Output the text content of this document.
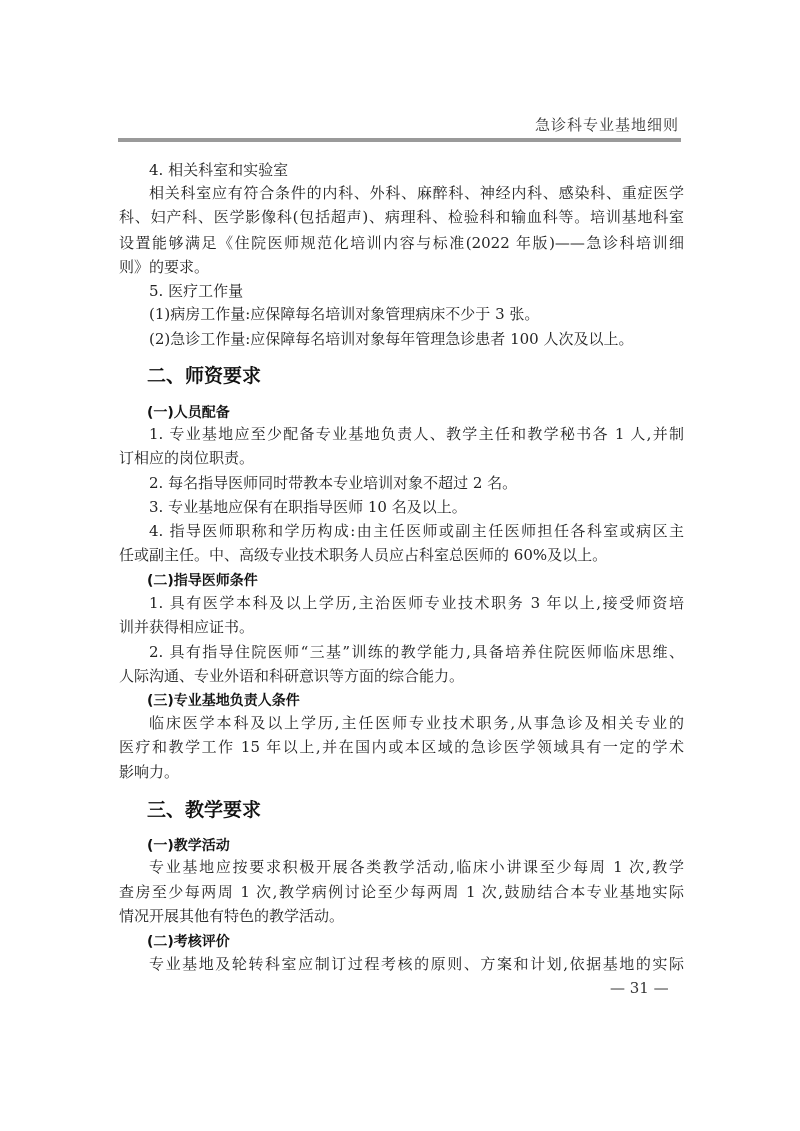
急诊科专业基地细则
4. 相关科室和实验室
相关科室应有符合条件的内科、外科、麻醉科、神经内科、感染科、重症医学
科、妇产科、医学影像科(包括超声)、病理科、检验科和输血科等。培训基地科室
设置能够满足《住院医师规范化培训内容与标准(2022 年版)——急诊科培训细
则》的要求。
5. 医疗工作量
(1)病房工作量:应保障每名培训对象管理病床不少于 3 张。
(2)急诊工作量:应保障每名培训对象每年管理急诊患者 100 人次及以上。
二、师资要求
(一)人员配备
1. 专业基地应至少配备专业基地负责人、教学主任和教学秘书各 1 人,并制
订相应的岗位职责。
2. 每名指导医师同时带教本专业培训对象不超过 2 名。
3. 专业基地应保有在职指导医师 10 名及以上。
4. 指导医师职称和学历构成:由主任医师或副主任医师担任各科室或病区主
任或副主任。中、高级专业技术职务人员应占科室总医师的 60%及以上。
(二)指导医师条件
1. 具有医学本科及以上学历,主治医师专业技术职务 3 年以上,接受师资培
训并获得相应证书。
2. 具有指导住院医师“三基”训练的教学能力,具备培养住院医师临床思维、
人际沟通、专业外语和科研意识等方面的综合能力。
(三)专业基地负责人条件
临床医学本科及以上学历,主任医师专业技术职务,从事急诊及相关专业的
医疗和教学工作 15 年以上,并在国内或本区域的急诊医学领域具有一定的学术
影响力。
三、教学要求
(一)教学活动
专业基地应按要求积极开展各类教学活动,临床小讲课至少每周 1 次,教学
查房至少每两周 1 次,教学病例讨论至少每两周 1 次,鼓励结合本专业基地实际
情况开展其他有特色的教学活动。
(二)考核评价
专业基地及轮转科室应制订过程考核的原则、方案和计划,依据基地的实际
— 31 —
